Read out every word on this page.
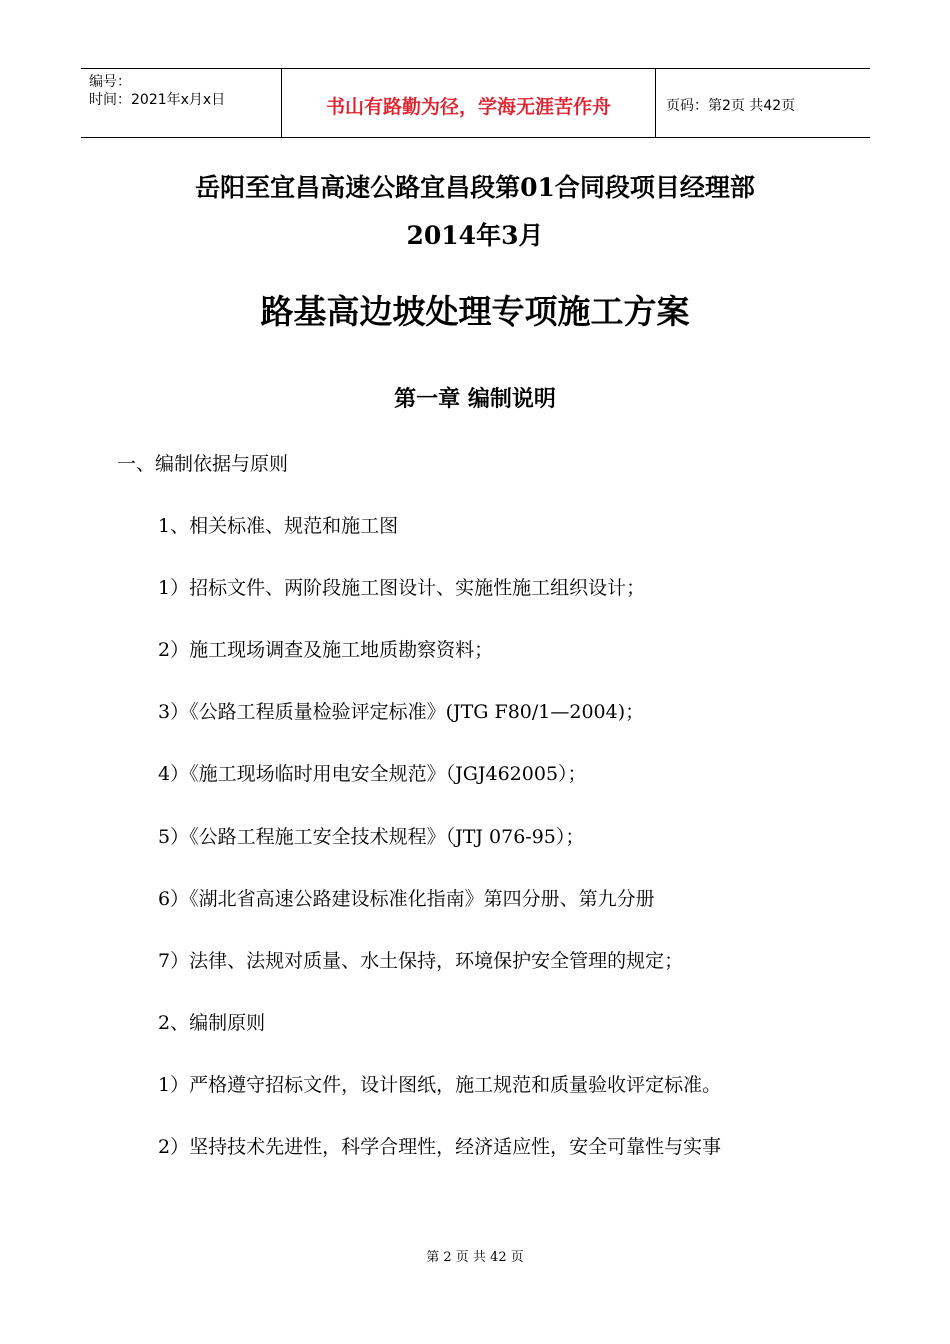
编号：
时间：2021年x月x日	书山有路勤为径，学海无涯苦作舟	页码：第2页 共42页
岳阳至宜昌高速公路宜昌段第01合同段项目经理部
2014年3月
路基高边坡处理专项施工方案
第一章 编制说明
一、编制依据与原则
1、相关标准、规范和施工图
1）招标文件、两阶段施工图设计、实施性施工组织设计；
2）施工现场调查及施工地质勘察资料；
3）《公路工程质量检验评定标准》(JTG F80/1—2004)；
4）《施工现场临时用电安全规范》（JGJ462005）；
5）《公路工程施工安全技术规程》（JTJ 076-95）；
6）《湖北省高速公路建设标准化指南》第四分册、第九分册
7）法律、法规对质量、水土保持，环境保护安全管理的规定；
2、编制原则
1）严格遵守招标文件，设计图纸，施工规范和质量验收评定标准。
2）坚持技术先进性，科学合理性，经济适应性，安全可靠性与实事
第 2 页 共 42 页
